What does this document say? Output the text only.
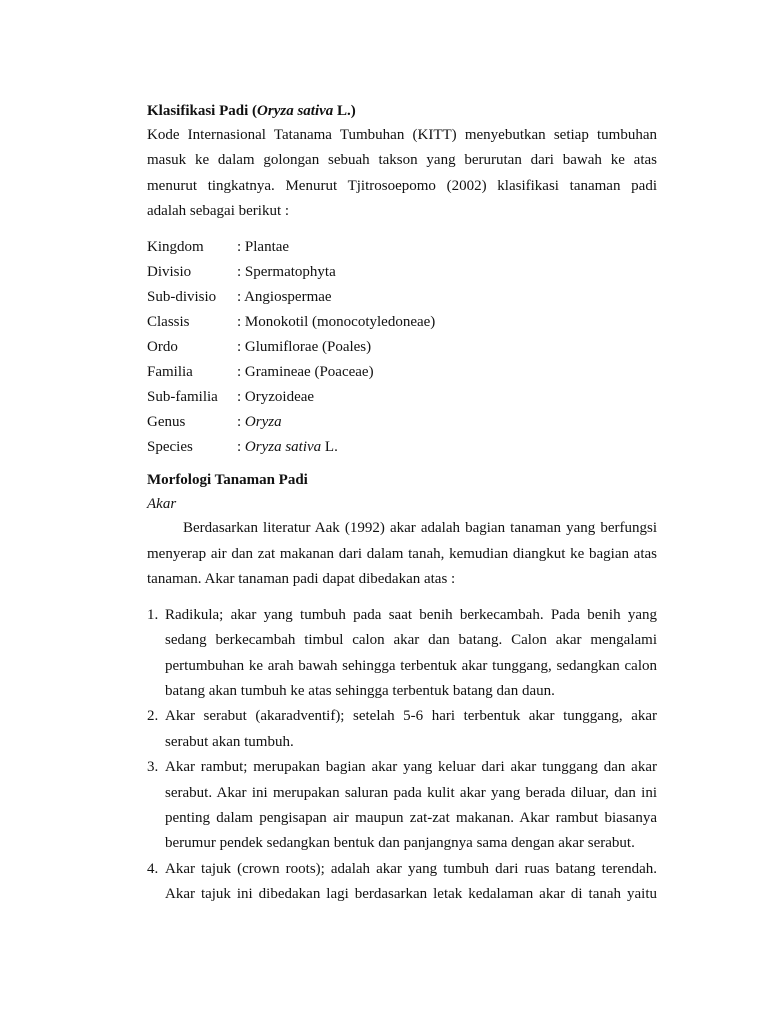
Klasifikasi Padi (Oryza sativa L.)

Kode Internasional Tatanama Tumbuhan (KITT) menyebutkan setiap tumbuhan
masuk ke dalam golongan sebuah takson yang berurutan dari bawah ke atas
menurut tingkatnya. Menurut Tjitrosoepomo (2002) klasifikasi tanaman padi
adalah sebagai berikut :
Kingdom	: Plantae
Divisio	: Spermatophyta
Sub-divisio	: Angiospermae
Classis	: Monokotil (monocotyledoneae)
Ordo	: Glumiflorae (Poales)
Familia	: Gramineae (Poaceae)
Sub-familia	: Oryzoideae
Genus	: Oryza
Species	: Oryza sativa L.

Morfologi Tanaman Padi

Akar

Berdasarkan literatur Aak (1992) akar adalah bagian tanaman yang berfungsi
menyerap air dan zat makanan dari dalam tanah, kemudian diangkut ke bagian atas
tanaman. Akar tanaman padi dapat dibedakan atas :
1. Radikula; akar yang tumbuh pada saat benih berkecambah. Pada benih yang
sedang berkecambah timbul calon akar dan batang. Calon akar mengalami
pertumbuhan ke arah bawah sehingga terbentuk akar tunggang, sedangkan calon
batang akan tumbuh ke atas sehingga terbentuk batang dan daun.
2. Akar serabut (akaradventif); setelah 5-6 hari terbentuk akar tunggang, akar
serabut akan tumbuh.
3. Akar rambut; merupakan bagian akar yang keluar dari akar tunggang dan akar
serabut. Akar ini merupakan saluran pada kulit akar yang berada diluar, dan ini
penting dalam pengisapan air maupun zat-zat makanan. Akar rambut biasanya
berumur pendek sedangkan bentuk dan panjangnya sama dengan akar serabut.
4. Akar tajuk (crown roots); adalah akar yang tumbuh dari ruas batang terendah.
Akar tajuk ini dibedakan lagi berdasarkan letak kedalaman akar di tanah yaitu
